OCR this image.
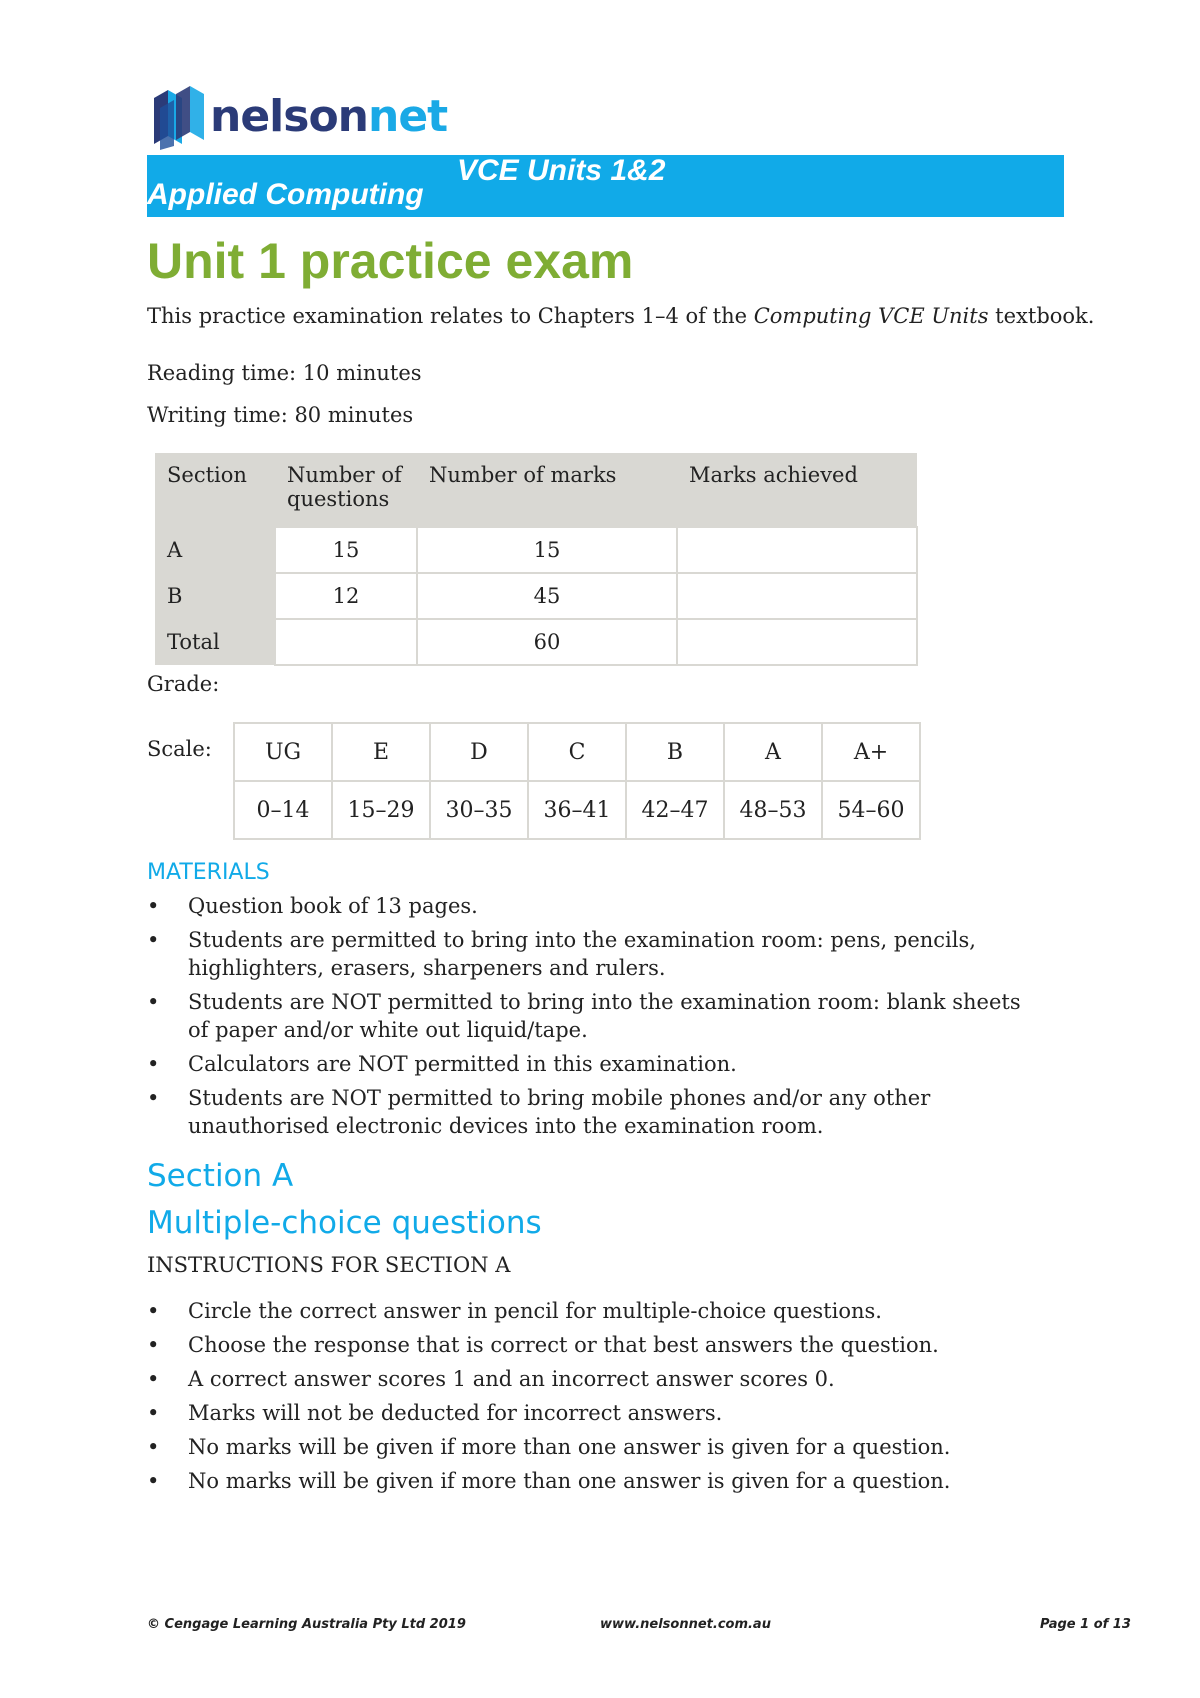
nelsonnet
Applied Computing
VCE Units 1&2
Unit 1 practice exam
This practice examination relates to Chapters 1–4 of the Computing VCE Units textbook.
Reading time: 10 minutes
Writing time: 80 minutes
Section	Number of questions	Number of marks	Marks achieved
A	15	15	
B	12	45	
Total		60	
Grade:
Scale: UG	E	D	C	B	A	A+
0–14	15–29	30–35	36–41	42–47	48–53	54–60
MATERIALS
• Question book of 13 pages.
• Students are permitted to bring into the examination room: pens, pencils, highlighters, erasers, sharpeners and rulers.
• Students are NOT permitted to bring into the examination room: blank sheets of paper and/or white out liquid/tape.
• Calculators are NOT permitted in this examination.
• Students are NOT permitted to bring mobile phones and/or any other unauthorised electronic devices into the examination room.
Section A
Multiple-choice questions
INSTRUCTIONS FOR SECTION A
• Circle the correct answer in pencil for multiple-choice questions.
• Choose the response that is correct or that best answers the question.
• A correct answer scores 1 and an incorrect answer scores 0.
• Marks will not be deducted for incorrect answers.
• No marks will be given if more than one answer is given for a question.
• No marks will be given if more than one answer is given for a question.
© Cengage Learning Australia Pty Ltd 2019	www.nelsonnet.com.au	Page 1 of 13
